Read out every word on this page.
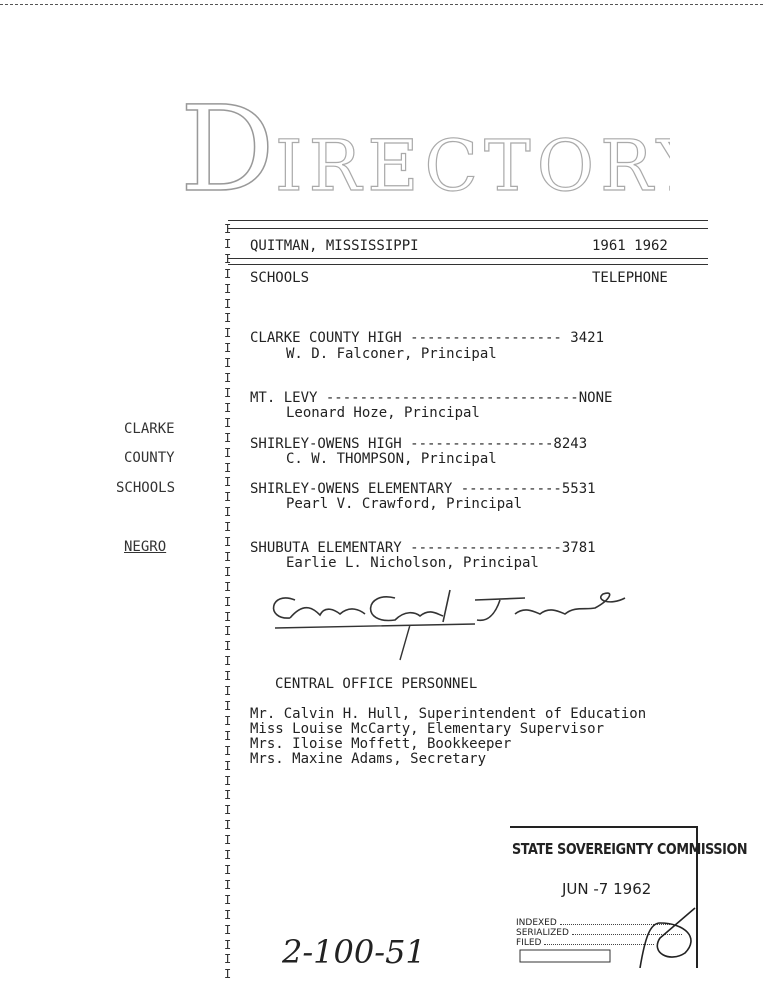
D IRECTORY
QUITMAN, MISSISSIPPI	1961 1962
SCHOOLS	TELEPHONE
I
I
I
I
I
I
I
I
I
I
I
I
I
I
I
I
I
I
I
I
I
I
I
I
I
I
I
I
I
I
I
I
I
I
I
I
I
I
I
I
I
I
I
I
I
I
I
I
I
I
I
CLARKE
COUNTY
SCHOOLS
NEGRO
CLARKE COUNTY HIGH ------------------ 3421
W. D. Falconer, Principal
MT. LEVY ------------------------------NONE
Leonard Hoze, Principal
SHIRLEY-OWENS HIGH -----------------8243
C. W. THOMPSON, Principal
SHIRLEY-OWENS ELEMENTARY ------------5531
Pearl V. Crawford, Principal
SHUBUTA ELEMENTARY ------------------3781
Earlie L. Nicholson, Principal
CENTRAL OFFICE PERSONNEL
Mr. Calvin H. Hull, Superintendent of Education
Miss Louise McCarty, Elementary Supervisor
Mrs. Iloise Moffett, Bookkeeper
Mrs. Maxine Adams, Secretary
STATE SOVEREIGNTY COMMISSION
JUN -7 1962
INDEXED
SERIALIZED
FILED
2-100-51
